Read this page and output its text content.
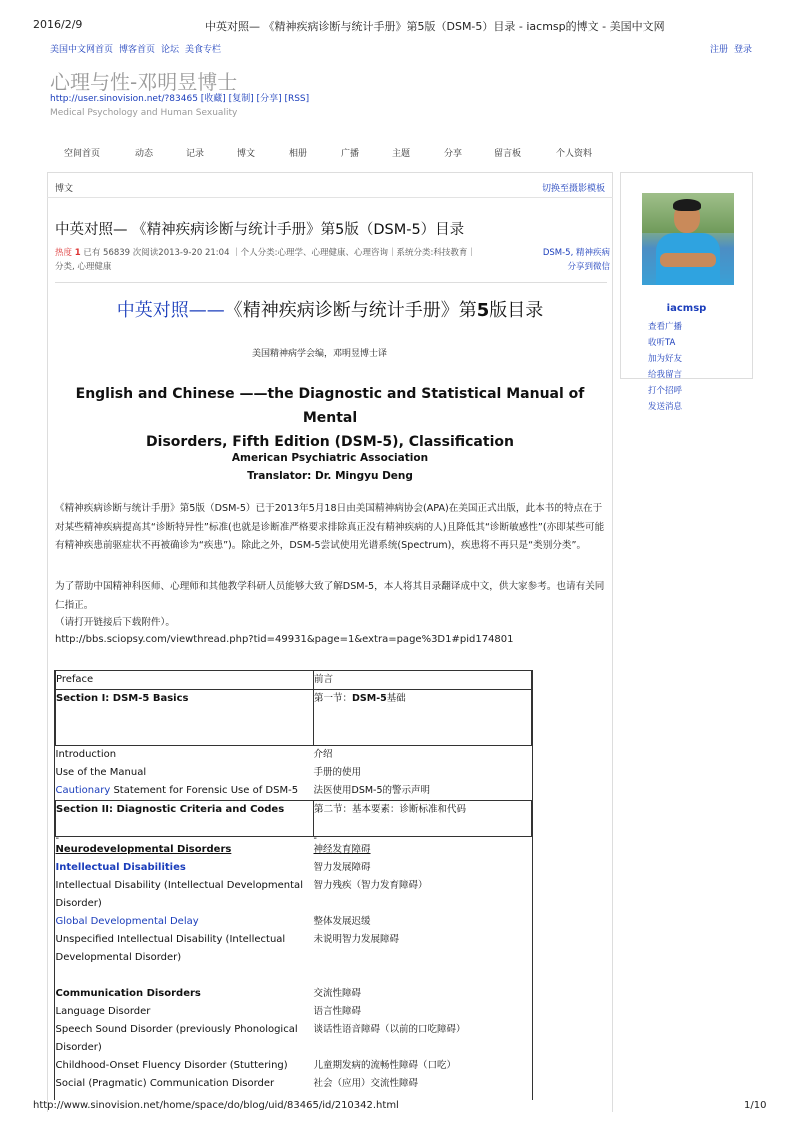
2016/2/9	中英对照— 《精神疾病诊断与统计手册》第5版（DSM-5）目录 - iacmsp的博文 - 美国中文网
美国中文网首页 博客首页 论坛 美食专栏	注册 登录
心理与性-邓明昱博士
http://user.sinovision.net/?83465 [收藏] [复制] [分享] [RSS]
Medical Psychology and Human Sexuality
空间首页	动态	记录	博文	相册	广播	主题	分享	留言板	个人资料
博文	切换至摄影模板
中英对照— 《精神疾病诊断与统计手册》第5版（DSM-5）目录
热度 1 已有 56839 次阅读2013-9-20 21:04 ｜个人分类:心理学、心理健康、心理咨询｜系统分类:科技教育｜
分类, 心理健康
DSM-5, 精神疾病
分享到微信
中英对照——《精神疾病诊断与统计手册》第5版目录
美国精神病学会编，邓明昱博士译
English and Chinese ——the Diagnostic and Statistical Manual of Mental
Disorders, Fifth Edition (DSM-5), Classification
American Psychiatric Association
Translator: Dr. Mingyu Deng
《精神疾病诊断与统计手册》第5版（DSM-5）已于2013年5月18日由美国精神病协会(APA)在美国正式出版，此本书的特点在于对某些精神疾病提高其“诊断特异性”标准(也就是诊断准严格要求排除真正没有精神疾病的人)且降低其“诊断敏感性”(亦即某些可能有精神疾患前驱症状不再被确诊为“疾患”)。除此之外，DSM-5尝试使用光谱系统(Spectrum)，疾患将不再只是“类别分类”。
为了帮助中国精神科医师、心理师和其他教学科研人员能够大致了解DSM-5，本人将其目录翻译成中文，供大家参考。也请有关同仁指正。
（请打开链接后下载附件）。
http://bbs.sciopsy.com/viewthread.php?tid=49931&page=1&extra=page%3D1#pid174801
Preface	前言
Section I: DSM-5 Basics	第一节：DSM-5基础
Introduction	介绍
Use of the Manual	手册的使用
Cautionary Statement for Forensic Use of DSM-5	法医使用DSM-5的警示声明
Section II: Diagnostic Criteria and Codes	第二节：基本要素：诊断标准和代码
-	-
Neurodevelopmental Disorders	神经发育障碍
Intellectual Disabilities	智力发展障碍
Intellectual Disability (Intellectual Developmental Disorder)	智力残疾（智力发育障碍）
Global Developmental Delay	整体发展迟缓
Unspecified Intellectual Disability (Intellectual Developmental Disorder)	未说明智力发展障碍

Communication Disorders	交流性障碍
Language Disorder	语言性障碍
Speech Sound Disorder (previously Phonological Disorder)	谈话性语音障碍（以前的口吃障碍）
Childhood-Onset Fluency Disorder (Stuttering)	儿童期发病的流畅性障碍（口吃）
Social (Pragmatic) Communication Disorder	社会（应用）交流性障碍
iacmsp
查看广播收听TA
加为好友给我留言
打个招呼发送消息
http://www.sinovision.net/home/space/do/blog/uid/83465/id/210342.html	1/10
